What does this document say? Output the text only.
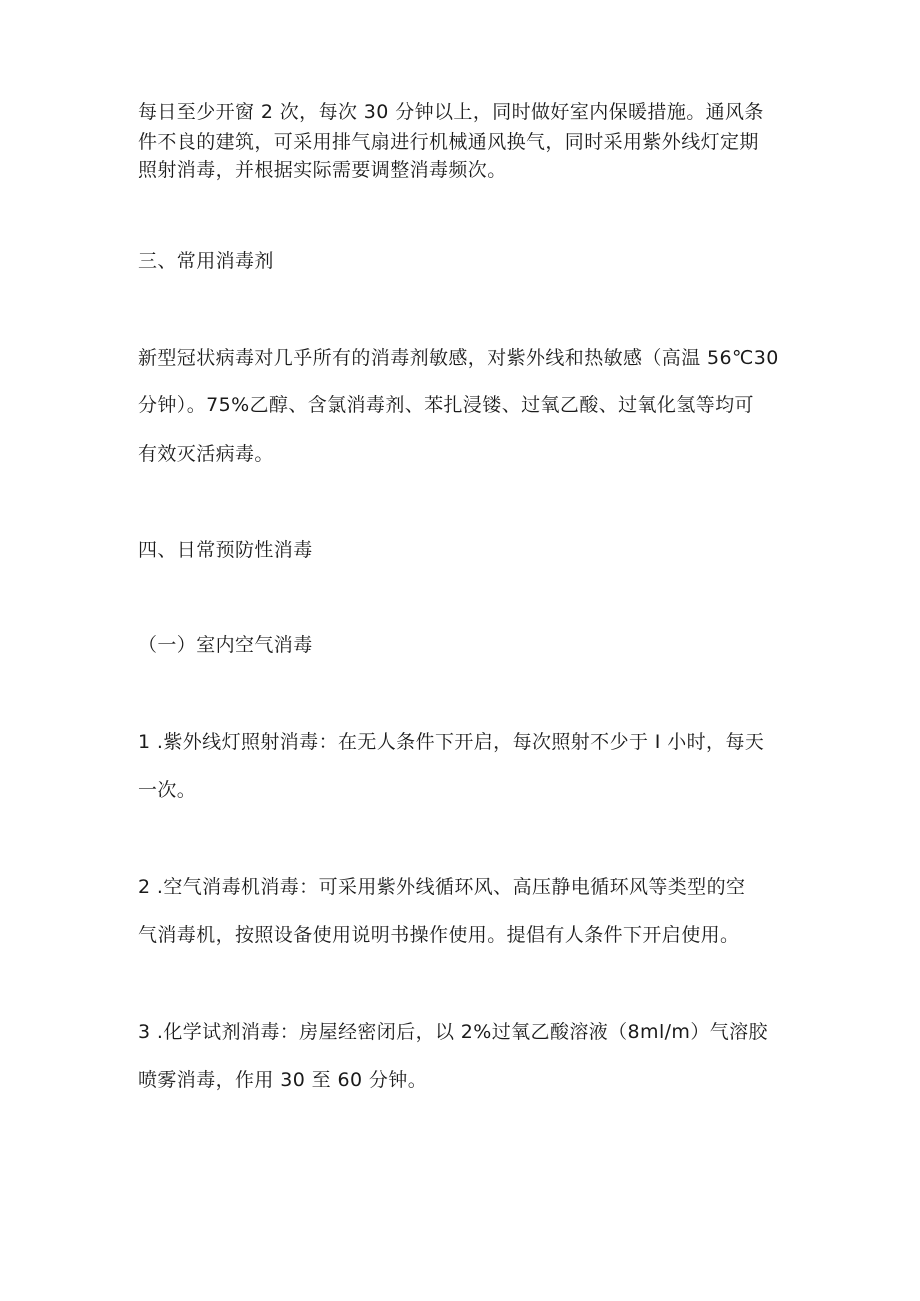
每日至少开窗 2 次，每次 30 分钟以上，同时做好室内保暖措施。通风条
件不良的建筑，可采用排气扇进行机械通风换气，同时采用紫外线灯定期
照射消毒，并根据实际需要调整消毒频次。
三、常用消毒剂
新型冠状病毒对几乎所有的消毒剂敏感，对紫外线和热敏感（高温 56℃30
分钟）。75%乙醇、含氯消毒剂、苯扎浸镂、过氧乙酸、过氧化氢等均可
有效灭活病毒。
四、日常预防性消毒
（一）室内空气消毒
1 .紫外线灯照射消毒：在无人条件下开启，每次照射不少于 I 小时，每天
一次。
2 .空气消毒机消毒：可采用紫外线循环风、高压静电循环风等类型的空
气消毒机，按照设备使用说明书操作使用。提倡有人条件下开启使用。
3 .化学试剂消毒：房屋经密闭后，以 2%过氧乙酸溶液（8ml∕m）气溶胶
喷雾消毒，作用 30 至 60 分钟。
